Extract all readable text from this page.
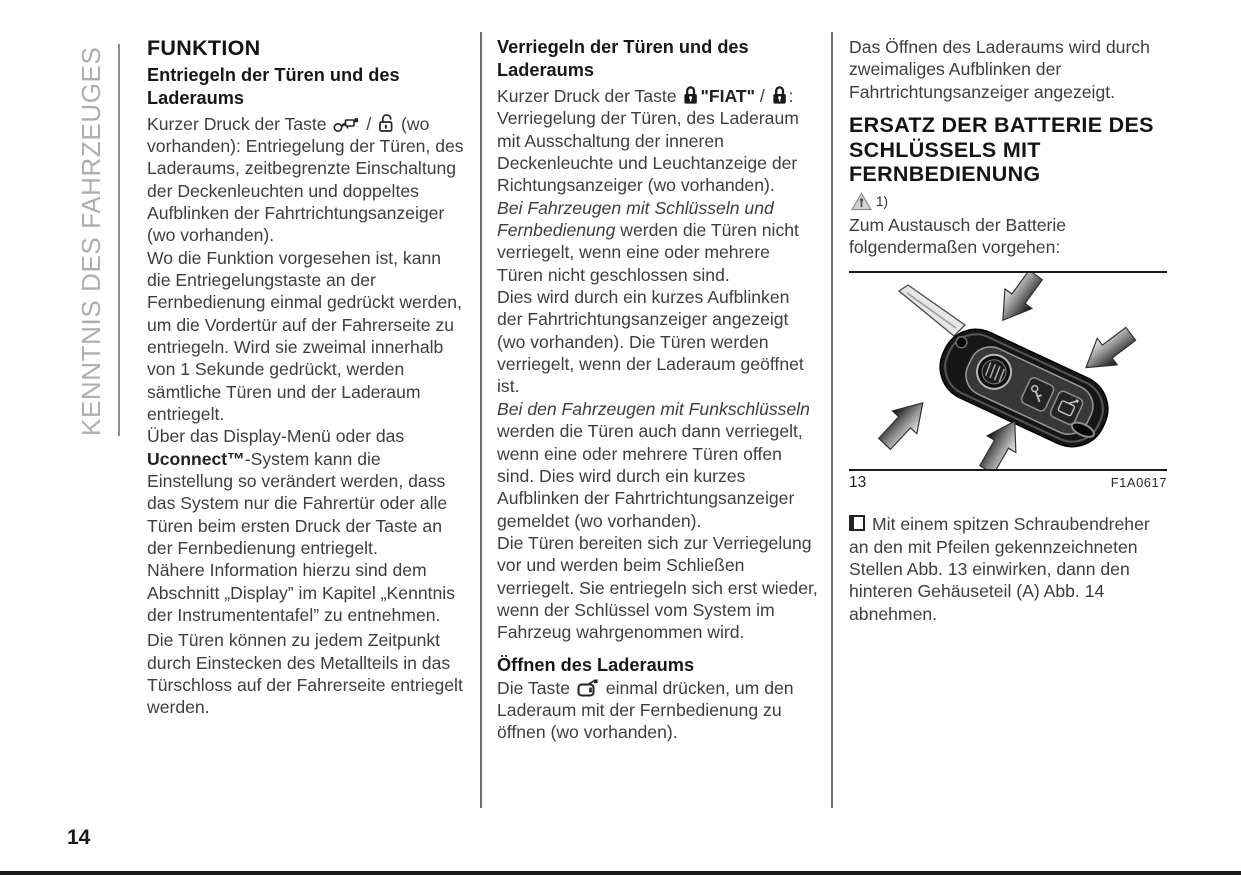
KENNTNIS DES FAHRZEUGES FUNKTION
Entriegeln der Türen und des Laderaums

Kurzer Druck der Taste
/
(wo vorhanden): Entriegelung der Türen, des Laderaums, zeitbegrenzte Einschaltung der Deckenleuchten und doppeltes Aufblinken der Fahrtrichtungsanzeiger (wo vorhanden).

Wo die Funktion vorgesehen ist, kann die Entriegelungstaste an der Fernbedienung einmal gedrückt werden, um die Vordertür auf der Fahrerseite zu entriegeln. Wird sie zweimal innerhalb von 1 Sekunde gedrückt, werden sämtliche Türen und der Laderaum entriegelt.

Über das Display-Menü oder das Uconnect™-System kann die Einstellung so verändert werden, dass das System nur die Fahrertür oder alle Türen beim ersten Druck der Taste an der Fernbedienung entriegelt.

Nähere Information hierzu sind dem Abschnitt „Display” im Kapitel „Kenntnis der Instrumententafel” zu entnehmen.

Die Türen können zu jedem Zeitpunkt durch Einstecken des Metallteils in das Türschloss auf der Fahrerseite entriegelt werden.

Verriegeln der Türen und des Laderaums

Kurzer Druck der Taste
"FIAT" /
: Verriegelung der Türen, des Laderaum mit Ausschaltung der inneren Deckenleuchte und Leuchtanzeige der Richtungsanzeiger (wo vorhanden).

Bei Fahrzeugen mit Schlüsseln und Fernbedienung werden die Türen nicht verriegelt, wenn eine oder mehrere Türen nicht geschlossen sind.

Dies wird durch ein kurzes Aufblinken der Fahrtrichtungsanzeiger angezeigt (wo vorhanden). Die Türen werden verriegelt, wenn der Laderaum geöffnet ist.

Bei den Fahrzeugen mit Funkschlüsseln werden die Türen auch dann verriegelt, wenn eine oder mehrere Türen offen sind. Dies wird durch ein kurzes Aufblinken der Fahrtrichtungsanzeiger gemeldet (wo vorhanden).

Die Türen bereiten sich zur Verriegelung vor und werden beim Schließen verriegelt. Sie entriegeln sich erst wieder, wenn der Schlüssel vom System im Fahrzeug wahrgenommen wird.

Öffnen des Laderaums

Die Taste
einmal drücken, um den Laderaum mit der Fernbedienung zu öffnen (wo vorhanden).

Das Öffnen des Laderaums wird durch zweimaliges Aufblinken der Fahrtrichtungsanzeiger angezeigt.

ERSATZ DER BATTERIE DES SCHLÜSSELS MIT FERNBEDIENUNG
1)

Zum Austausch der Batterie folgendermaßen vorgehen:

13	F1A0617

Mit einem spitzen Schraubendreher an den mit Pfeilen gekennzeichneten Stellen Abb. 13 einwirken, dann den hinteren Gehäuseteil (A) Abb. 14 abnehmen.

14
